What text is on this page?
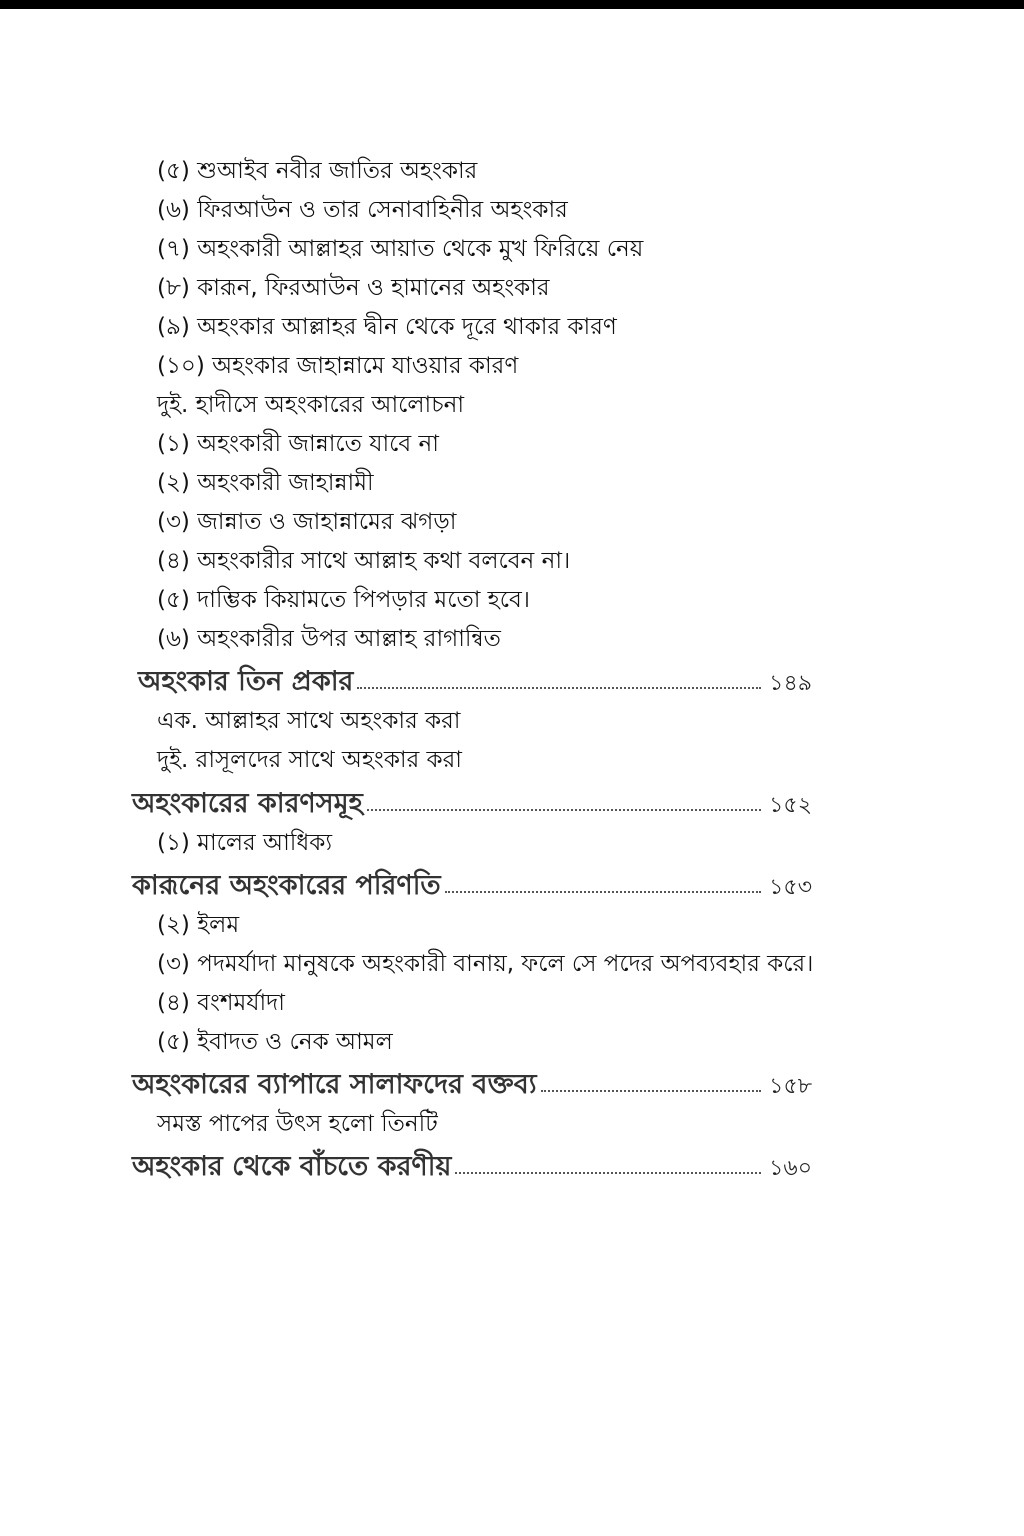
(৫) শুআইব নবীর জাতির অহংকার
(৬) ফিরআউন ও তার সেনাবাহিনীর অহংকার
(৭) অহংকারী আল্লাহর আয়াত থেকে মুখ ফিরিয়ে নেয়
(৮) কারূন, ফিরআউন ও হামানের অহংকার
(৯) অহংকার আল্লাহর দ্বীন থেকে দূরে থাকার কারণ
(১০) অহংকার জাহান্নামে যাওয়ার কারণ
দুই. হাদীসে অহংকারের আলোচনা
(১) অহংকারী জান্নাতে যাবে না
(২) অহংকারী জাহান্নামী
(৩) জান্নাত ও জাহান্নামের ঝগড়া
(৪) অহংকারীর সাথে আল্লাহ কথা বলবেন না।
(৫) দাম্ভিক কিয়ামতে পিপড়ার মতো হবে।
(৬) অহংকারীর উপর আল্লাহ রাগান্বিত
অহংকার তিন প্রকার	১৪৯
এক. আল্লাহর সাথে অহংকার করা
দুই. রাসূলদের সাথে অহংকার করা
অহংকারের কারণসমূহ	১৫২
(১) মালের আধিক্য
কারূনের অহংকারের পরিণতি	১৫৩
(২) ইলম
(৩) পদমর্যাদা মানুষকে অহংকারী বানায়, ফলে সে পদের অপব্যবহার করে।
(৪) বংশমর্যাদা
(৫) ইবাদত ও নেক আমল
অহংকারের ব্যাপারে সালাফদের বক্তব্য	১৫৮
সমস্ত পাপের উৎস হলো তিনটি
অহংকার থেকে বাঁচতে করণীয়	১৬০
